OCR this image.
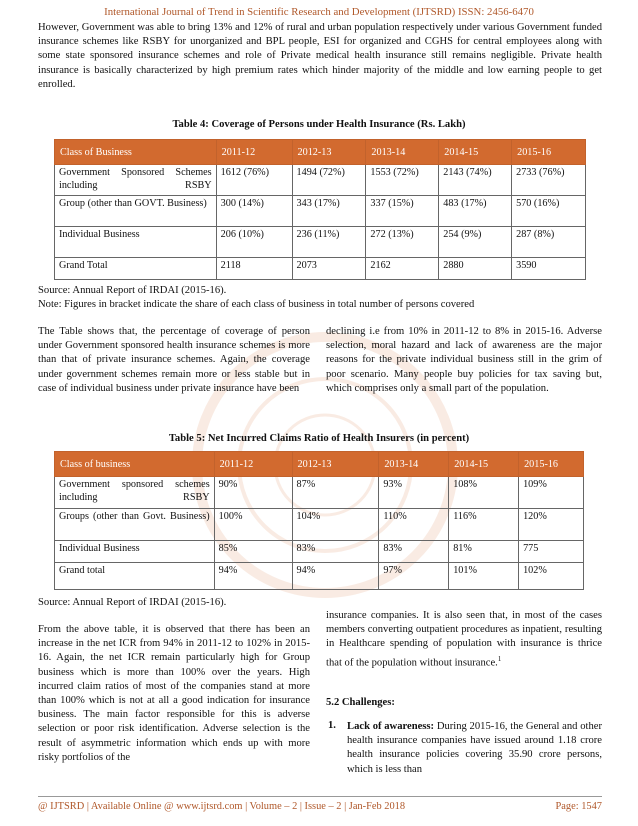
International Journal of Trend in Scientific Research and Development (IJTSRD) ISSN: 2456-6470

However, Government was able to bring 13% and 12% of rural and urban population respectively under various Government funded insurance schemes like RSBY for unorganized and BPL people, ESI for organized and CGHS for central employees along with some state sponsored insurance schemes and role of Private medical health insurance still remains negligible. Private health insurance is basically characterized by high premium rates which hinder majority of the middle and low earning people to get enrolled.

Table 4: Coverage of Persons under Health Insurance (Rs. Lakh)
Class of Business	2011-12	2012-13	2013-14	2014-15	2015-16
Government Sponsored Schemes including RSBY	1612 (76%)	1494 (72%)	1553 (72%)	2143 (74%)	2733 (76%)
Group (other than GOVT. Business)	300 (14%)	343 (17%)	337 (15%)	483 (17%)	570 (16%)
Individual Business	206 (10%)	236 (11%)	272 (13%)	254 (9%)	287 (8%)
Grand Total	2118	2073	2162	2880	3590
Source: Annual Report of IRDAI (2015-16).
Note: Figures in bracket indicate the share of each class of business in total number of persons covered

The Table shows that, the percentage of coverage of person under Government sponsored health insurance schemes is more than that of private insurance schemes. Again, the coverage under government schemes remain more or less stable but in case of individual business under private insurance have been

declining i.e from 10% in 2011-12 to 8% in 2015-16. Adverse selection, moral hazard and lack of awareness are the major reasons for the private individual business still in the grim of poor scenario. Many people buy policies for tax saving but, which comprises only a small part of the population.

Table 5: Net Incurred Claims Ratio of Health Insurers (in percent)
Class of business	2011-12	2012-13	2013-14	2014-15	2015-16
Government sponsored schemes including RSBY	90%	87%	93%	108%	109%
Groups (other than Govt. Business)	100%	104%	110%	116%	120%
Individual Business	85%	83%	83%	81%	775
Grand total	94%	94%	97%	101%	102%
Source: Annual Report of IRDAI (2015-16).

From the above table, it is observed that there has been an increase in the net ICR from 94% in 2011-12 to 102% in 2015-16. Again, the net ICR remain particularly high for Group business which is more than 100% over the years. High incurred claim ratios of most of the companies stand at more than 100% which is not at all a good indication for insurance business. The main factor responsible for this is adverse selection or poor risk identification. Adverse selection is the result of asymmetric information which ends up with more risky portfolios of the

insurance companies. It is also seen that, in most of the cases members converting outpatient procedures as inpatient, resulting in Healthcare spending of population with insurance is thrice that of the population without insurance.$^1$

5.2 Challenges:
1. Lack of awareness: During 2015-16, the General and other health insurance companies have issued around 1.18 crore health insurance policies covering 35.90 crore persons, which is less than

@ IJTSRD | Available Online @ www.ijtsrd.com | Volume – 2 | Issue – 2 | Jan-Feb 2018	Page: 1547
